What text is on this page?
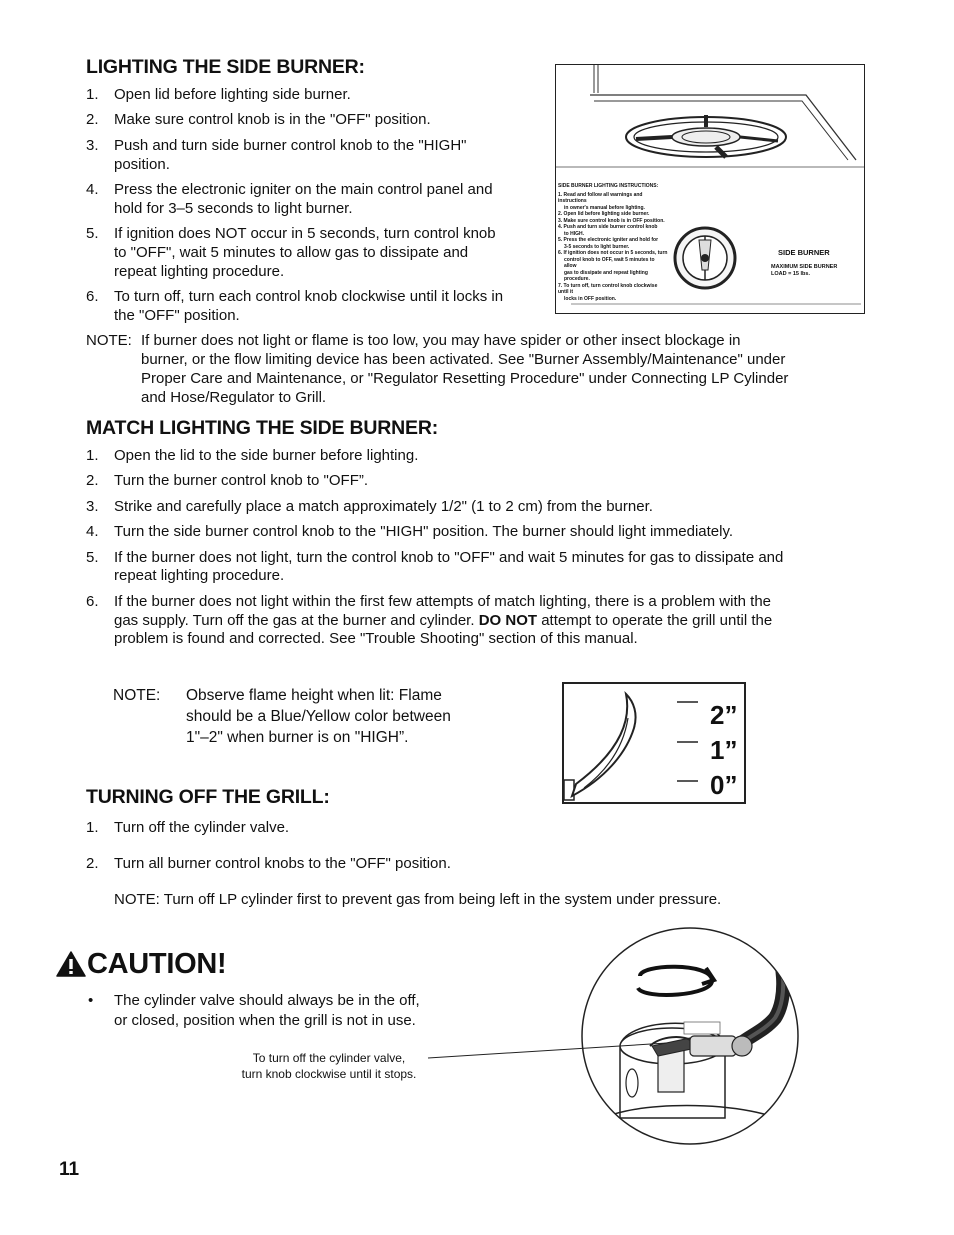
LIGHTING THE SIDE BURNER:
1. Open lid before lighting side burner.
2. Make sure control knob is in the "OFF" position.
3. Push and turn side burner control knob to the "HIGH"
position.
4. Press the electronic igniter on the main control panel and
hold for 3–5 seconds to light burner.
5. If ignition does NOT occur in 5 seconds, turn control knob
to "OFF", wait 5 minutes to allow gas to dissipate and
repeat lighting procedure.
6. To turn off, turn each control knob clockwise until it locks in
the "OFF" position.
NOTE: If burner does not light or flame is too low, you may have spider or other insect blockage in
burner, or the flow limiting device has been activated. See "Burner Assembly/Maintenance" under
Proper Care and Maintenance, or "Regulator Resetting Procedure" under Connecting LP Cylinder
and Hose/Regulator to Grill.
SIDE BURNER LIGHTING INSTRUCTIONS:
1. Read and follow all warnings and instructions
in owner's manual before lighting.
2. Open lid before lighting side burner.
3. Make sure control knob is in OFF position.
4. Push and turn side burner control knob
to HIGH.
5. Press the electronic igniter and hold for
3-5 seconds to light burner.
6. If ignition does not occur in 5 seconds, turn
control knob to OFF, wait 5 minutes to allow
gas to dissipate and repeat lighting procedure.
7. To turn off, turn control knob clockwise until it
locks in OFF position.
SIDE BURNER
MAXIMUM SIDE BURNER
LOAD = 15 lbs.
MATCH LIGHTING THE SIDE BURNER:
1. Open the lid to the side burner before lighting.
2. Turn the burner control knob to "OFF”.
3. Strike and carefully place a match approximately 1/2" (1 to 2 cm) from the burner.
4. Turn the side burner control knob to the "HIGH" position. The burner should light immediately.
5. If the burner does not light, turn the control knob to "OFF" and wait 5 minutes for gas to dissipate and
repeat lighting procedure.
6. If the burner does not light within the first few attempts of match lighting, there is a problem with the
gas supply. Turn off the gas at the burner and cylinder. DO NOT attempt to operate the grill until the
problem is found and corrected. See "Trouble Shooting" section of this manual.
NOTE: Observe flame height when lit: Flame
should be a Blue/Yellow color between
1"–2" when burner is on "HIGH”.
2”
1”
0”
TURNING OFF THE GRILL:
1. Turn off the cylinder valve.
2. Turn all burner control knobs to the "OFF" position.
NOTE: Turn off LP cylinder first to prevent gas from being left in the system under pressure.
CAUTION!
• The cylinder valve should always be in the off,
or closed, position when the grill is not in use.
To turn off the cylinder valve,
turn knob clockwise until it stops.
11
